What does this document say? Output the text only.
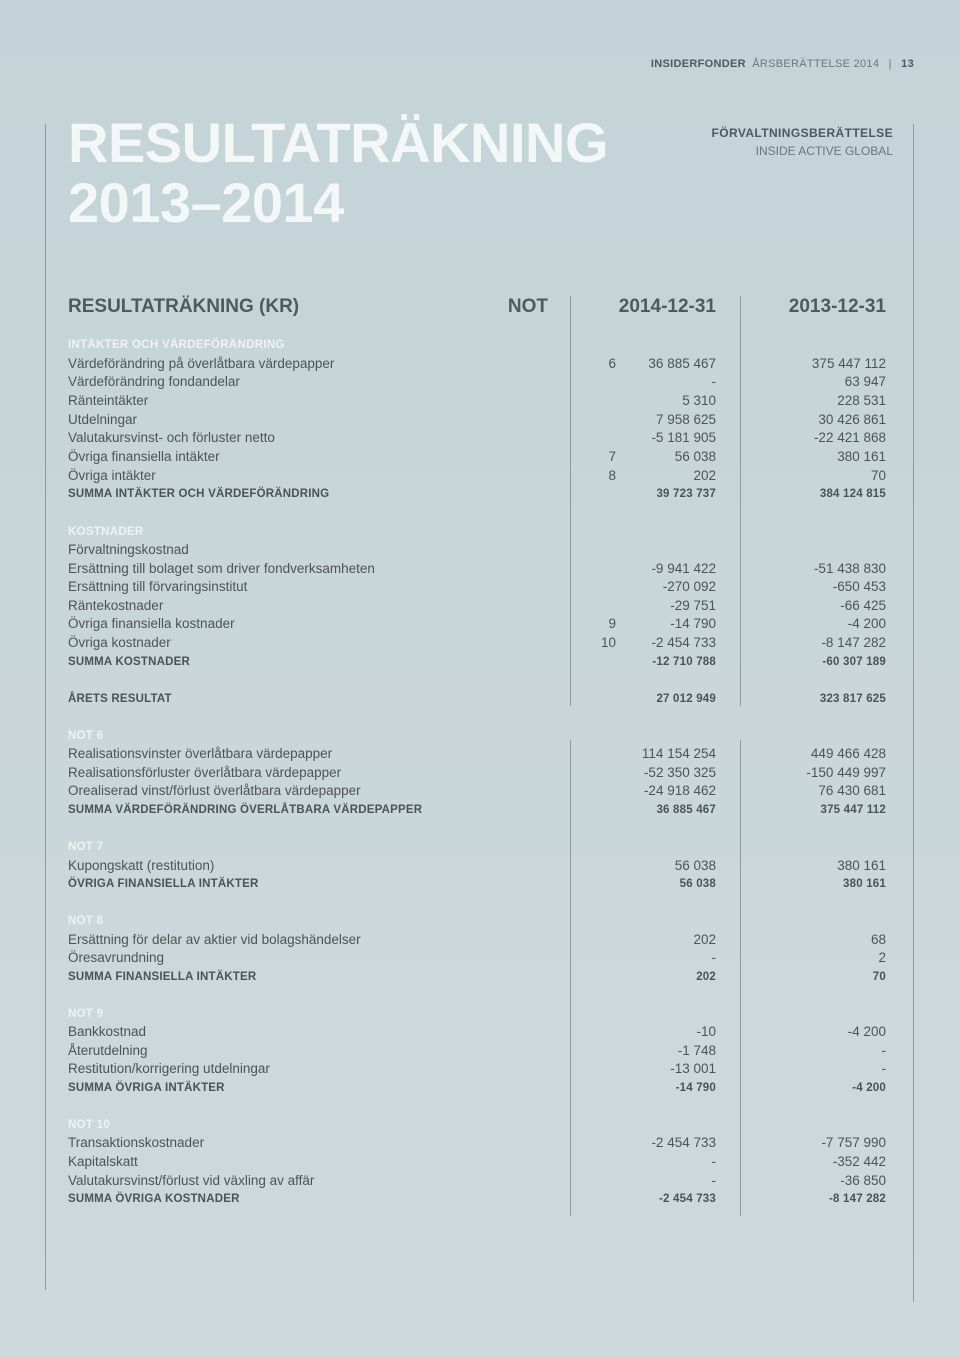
INSIDERFONDER ÅRSBERÄTTELSE 2014 | 13
RESULTATRÄKNING
2013–2014
FÖRVALTNINGSBERÄTTELSE
INSIDE ACTIVE GLOBAL
RESULTATRÄKNING (KR)	NOT	2014-12-31	2013-12-31
INTÄKTER OCH VÄRDEFÖRÄNDRING
Värdeförändring på överlåtbara värdepapper	6	36 885 467	375 447 112
Värdeförändring fondandelar	-	63 947
Ränteintäkter	5 310	228 531
Utdelningar	7 958 625	30 426 861
Valutakursvinst- och förluster netto	-5 181 905	-22 421 868
Övriga finansiella intäkter	7	56 038	380 161
Övriga intäkter	8	202	70
SUMMA INTÄKTER OCH VÄRDEFÖRÄNDRING	39 723 737	384 124 815
KOSTNADER
Förvaltningskostnad
Ersättning till bolaget som driver fondverksamheten	-9 941 422	-51 438 830
Ersättning till förvaringsinstitut	-270 092	-650 453
Räntekostnader	-29 751	-66 425
Övriga finansiella kostnader	9	-14 790	-4 200
Övriga kostnader	10	-2 454 733	-8 147 282
SUMMA KOSTNADER	-12 710 788	-60 307 189
ÅRETS RESULTAT	27 012 949	323 817 625
NOT 6
Realisationsvinster överlåtbara värdepapper	114 154 254	449 466 428
Realisationsförluster överlåtbara värdepapper	-52 350 325	-150 449 997
Orealiserad vinst/förlust överlåtbara värdepapper	-24 918 462	76 430 681
SUMMA VÄRDEFÖRÄNDRING ÖVERLÅTBARA VÄRDEPAPPER	36 885 467	375 447 112
NOT 7
Kupongskatt (restitution)	56 038	380 161
ÖVRIGA FINANSIELLA INTÄKTER	56 038	380 161
NOT 8
Ersättning för delar av aktier vid bolagshändelser	202	68
Öresavrundning	-	2
SUMMA FINANSIELLA INTÄKTER	202	70
NOT 9
Bankkostnad	-10	-4 200
Återutdelning	-1 748	-
Restitution/korrigering utdelningar	-13 001	-
SUMMA ÖVRIGA INTÄKTER	-14 790	-4 200
NOT 10
Transaktionskostnader	-2 454 733	-7 757 990
Kapitalskatt	-	-352 442
Valutakursvinst/förlust vid växling av affär	-	-36 850
SUMMA ÖVRIGA KOSTNADER	-2 454 733	-8 147 282
